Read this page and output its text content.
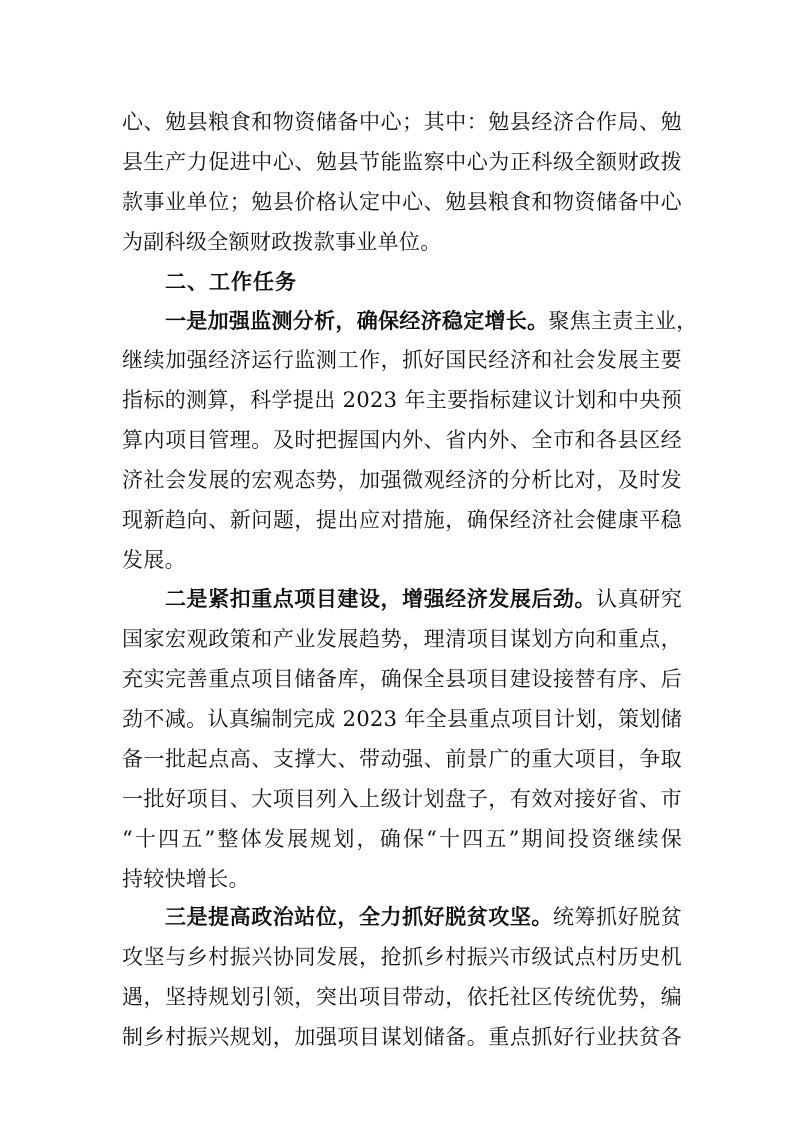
心、勉县粮食和物资储备中心；其中：勉县经济合作局、勉
县生产力促进中心、勉县节能监察中心为正科级全额财政拨
款事业单位；勉县价格认定中心、勉县粮食和物资储备中心
为副科级全额财政拨款事业单位。
二、工作任务
一是加强监测分析，确保经济稳定增长。聚焦主责主业，
继续加强经济运行监测工作，抓好国民经济和社会发展主要
指标的测算，科学提出 2023 年主要指标建议计划和中央预
算内项目管理。及时把握国内外、省内外、全市和各县区经
济社会发展的宏观态势，加强微观经济的分析比对，及时发
现新趋向、新问题，提出应对措施，确保经济社会健康平稳
发展。
二是紧扣重点项目建设，增强经济发展后劲。认真研究
国家宏观政策和产业发展趋势，理清项目谋划方向和重点，
充实完善重点项目储备库，确保全县项目建设接替有序、后
劲不减。认真编制完成 2023 年全县重点项目计划，策划储
备一批起点高、支撑大、带动强、前景广的重大项目，争取
一批好项目、大项目列入上级计划盘子，有效对接好省、市
“十四五”整体发展规划，确保“十四五”期间投资继续保
持较快增长。
三是提高政治站位，全力抓好脱贫攻坚。统筹抓好脱贫
攻坚与乡村振兴协同发展，抢抓乡村振兴市级试点村历史机
遇，坚持规划引领，突出项目带动，依托社区传统优势，编
制乡村振兴规划，加强项目谋划储备。重点抓好行业扶贫各
